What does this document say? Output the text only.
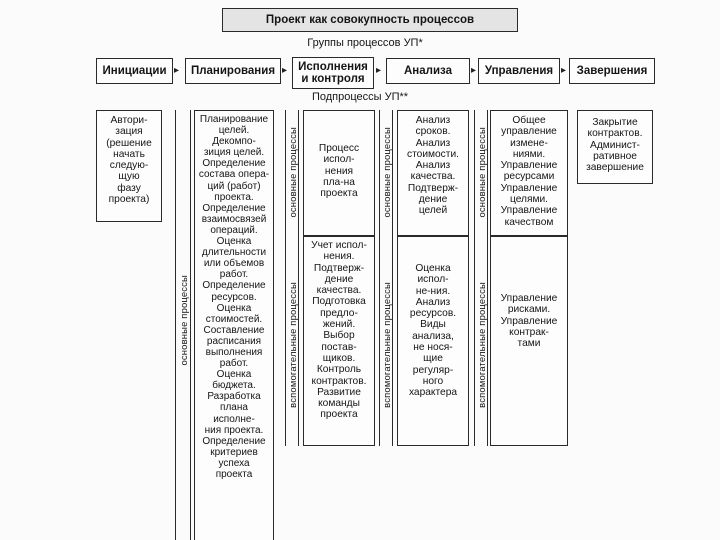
Проект как совокупность процессов
Группы процессов УП*
Инициации ▸ Планирования ▸ Исполнения
и контроля
▸ Анализа ▸ Управления ▸ Завершения
Подпроцессы УП**
Автори-
зация
(решение
начать
следую-
щую
фазу
проекта)
основные процессы
Планирование
целей.
Декомпо-
зиция целей.
Определение
состава опера-
ций (работ)
проекта.
Определение
взаимосвязей
операций.
Оценка
длительности
или объемов
работ.
Определение
ресурсов.
Оценка
стоимостей.
Составление
расписания
выполнения
работ.
Оценка
бюджета.
Разработка
плана
исполне-
ния проекта.
Определение
критериев
успеха
проекта
основные процессы
вспомогательные процессы
Процесс
испол-
нения
пла-на
проекта
Учет испол-
нения.
Подтверж-
дение
качества.
Подготовка
предло-
жений.
Выбор
постав-
щиков.
Контроль
контрактов.
Развитие
команды
проекта
основные процессы
вспомогательные процессы
Анализ
сроков.
Анализ
стоимости.
Анализ
качества.
Подтверж-
дение
целей
Оценка
испол-
не-ния.
Анализ
ресурсов.
Виды
анализа,
не нося-
щие
регуляр-
ного
характера
основные процессы
вспомогательные процессы
Общее
управление
измене-
ниями.
Управление
ресурсами
Управление
целями.
Управление
качеством
Управление
рисками.
Управление
контрак-
тами
Закрытие
контрактов.
Админист-
ративное
завершение
